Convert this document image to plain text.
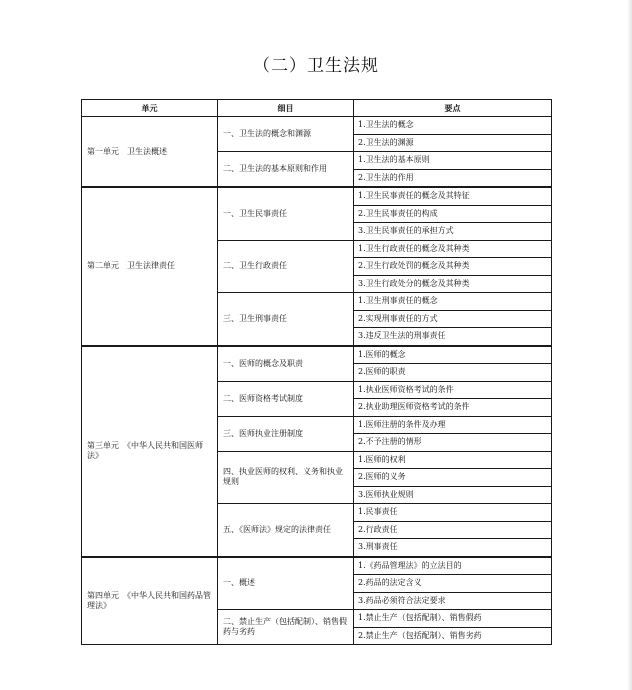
（二）卫生法规
单元	细目	要点
第一单元　卫生法概述	一、卫生法的概念和渊源	1.卫生法的概念
		2.卫生法的渊源
	二、卫生法的基本原则和作用	1.卫生法的基本原则
		2.卫生法的作用
第二单元　卫生法律责任	一、卫生民事责任	1.卫生民事责任的概念及其特征
		2.卫生民事责任的构成
		3.卫生民事责任的承担方式
	二、卫生行政责任	1.卫生行政责任的概念及其种类
		2.卫生行政处罚的概念及其种类
		3.卫生行政处分的概念及其种类
	三、卫生刑事责任	1.卫生刑事责任的概念
		2.实现刑事责任的方式
		3.违反卫生法的刑事责任
第三单元　《中华人民共和国医师法》	一、医师的概念及职责	1.医师的概念
		2.医师的职责
	二、医师资格考试制度	1.执业医师资格考试的条件
		2.执业助理医师资格考试的条件
	三、医师执业注册制度	1.医师注册的条件及办理
		2.不予注册的情形
	四、执业医师的权利、义务和执业规则	1.医师的权利
		2.医师的义务
		3.医师执业规则
	五、《医师法》规定的法律责任	1.民事责任
		2.行政责任
		3.刑事责任
第四单元　《中华人民共和国药品管理法》	一、概述	1.《药品管理法》的立法目的
		2.药品的法定含义
		3.药品必须符合法定要求
	二、禁止生产（包括配制）、销售假药与劣药	1.禁止生产（包括配制）、销售假药
		2.禁止生产（包括配制）、销售劣药
